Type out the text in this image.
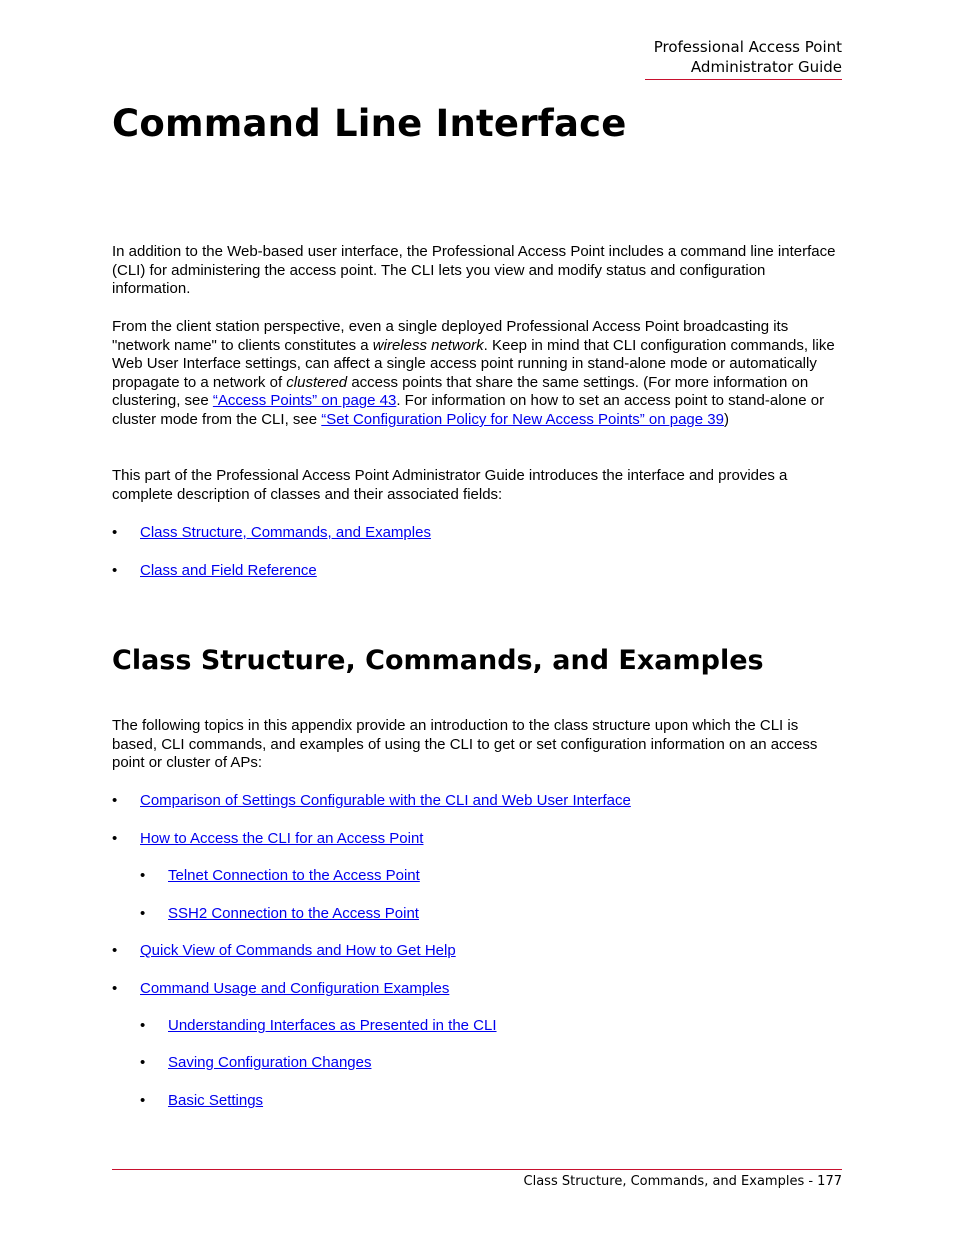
Professional Access Point
Administrator Guide
Command Line Interface

In addition to the Web-based user interface, the Professional Access Point includes a command line interface (CLI) for administering the access point. The CLI lets you view and modify status and configuration information.

From the client station perspective, even a single deployed Professional Access Point broadcasting its "network name" to clients constitutes a wireless network. Keep in mind that CLI configuration commands, like Web User Interface settings, can affect a single access point running in stand-alone mode or automatically propagate to a network of clustered access points that share the same settings. (For more information on clustering, see “Access Points” on page 43. For information on how to set an access point to stand-alone or cluster mode from the CLI, see “Set Configuration Policy for New Access Points” on page 39)

This part of the Professional Access Point Administrator Guide introduces the interface and provides a complete description of classes and their associated fields:

• Class Structure, Commands, and Examples
• Class and Field Reference
Class Structure, Commands, and Examples

The following topics in this appendix provide an introduction to the class structure upon which the CLI is based, CLI commands, and examples of using the CLI to get or set configuration information on an access point or cluster of APs:

• Comparison of Settings Configurable with the CLI and Web User Interface
• How to Access the CLI for an Access Point
• Telnet Connection to the Access Point
• SSH2 Connection to the Access Point
• Quick View of Commands and How to Get Help
• Command Usage and Configuration Examples
• Understanding Interfaces as Presented in the CLI
• Saving Configuration Changes
• Basic Settings
Class Structure, Commands, and Examples - 177
